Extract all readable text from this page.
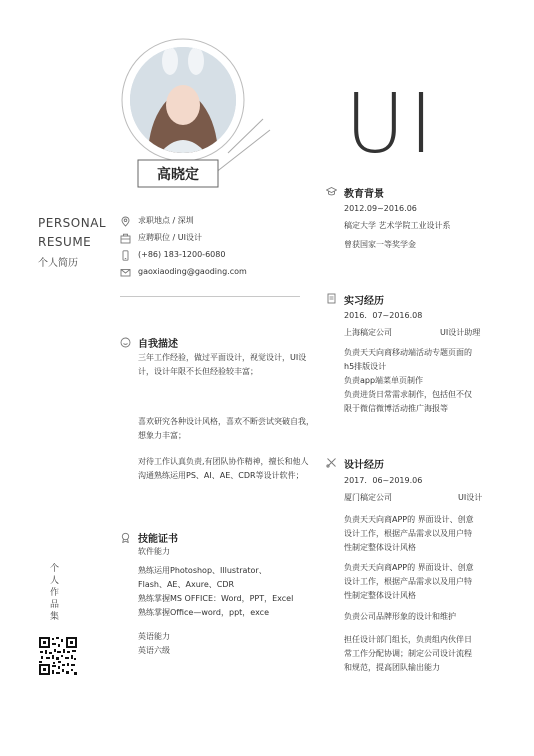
高晓定
UI
PERSONAL
RESUME
个人简历
个人作品集
求职地点 / 深圳
应聘职位 / UI设计
(+86) 183-1200-6080
gaoxiaoding@gaoding.com
自我描述
三年工作经验，做过平面设计，视觉设计，UI设计，设计年限不长但经验较丰富；
喜欢研究各种设计风格，喜欢不断尝试突破自我，想象力丰富；
对待工作认真负责,有团队协作精神，擅长和他人沟通熟练运用PS、AI、AE、CDR等设计软件；
技能证书
软件能力
熟练运用Photoshop、Illustrator、
Flash、AE、Axure、CDR
熟练掌握MS OFFICE：Word，PPT，Excel
熟练掌握Office—word，ppt，exce
英语能力
英语六级
教育背景
2012.09~2016.06
稿定大学 艺术学院工业设计系
曾获国家一等奖学金
实习经历
2016．07~2016.08
上海稿定公司	UI设计助理
负责天天向商移动端活动专题页面的
h5排版设计
负责app端菜单页制作
负责进货日常需求制作，包括但不仅
限于微信微博活动推广海报等
设计经历
2017．06~2019.06
厦门稿定公司	UI设计
负责天天向商APP的 界面设计、创意
设计工作，根据产品需求以及用户特
性制定整体设计风格
负责天天向商APP的 界面设计、创意
设计工作，根据产品需求以及用户特
性制定整体设计风格
负责公司品牌形象的设计和维护
担任设计部门组长，负责组内伙伴日
常工作分配协调；制定公司设计流程
和规范，提高团队输出能力
